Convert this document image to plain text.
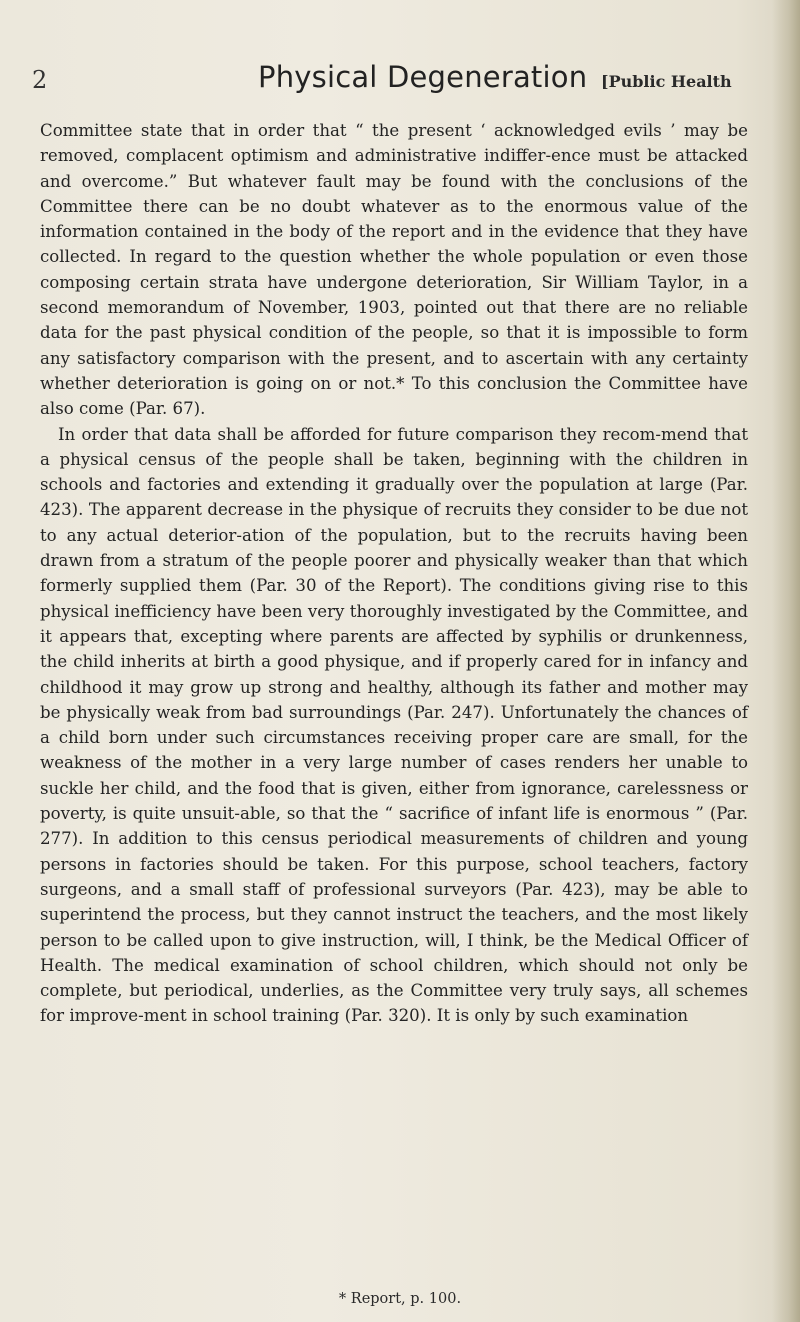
2	Physical Degeneration [Public Health

Committee state that in order that “ the present ‘ acknowledged evils ’ may be removed, complacent optimism and administrative indiffer-ence must be attacked and overcome.” But whatever fault may be found with the conclusions of the Committee there can be no doubt whatever as to the enormous value of the information contained in the body of the report and in the evidence that they have collected. In regard to the question whether the whole population or even those composing certain strata have undergone deterioration, Sir William Taylor, in a second memorandum of November, 1903, pointed out that there are no reliable data for the past physical condition of the people, so that it is impossible to form any satisfactory comparison with the present, and to ascertain with any certainty whether deterioration is going on or not.* To this conclusion the Committee have also come (Par. 67).

In order that data shall be afforded for future comparison they recom-mend that a physical census of the people shall be taken, beginning with the children in schools and factories and extending it gradually over the population at large (Par. 423). The apparent decrease in the physique of recruits they consider to be due not to any actual deterior-ation of the population, but to the recruits having been drawn from a stratum of the people poorer and physically weaker than that which formerly supplied them (Par. 30 of the Report). The conditions giving rise to this physical inefficiency have been very thoroughly investigated by the Committee, and it appears that, excepting where parents are affected by syphilis or drunkenness, the child inherits at birth a good physique, and if properly cared for in infancy and childhood it may grow up strong and healthy, although its father and mother may be physically weak from bad surroundings (Par. 247). Unfortunately the chances of a child born under such circumstances receiving proper care are small, for the weakness of the mother in a very large number of cases renders her unable to suckle her child, and the food that is given, either from ignorance, carelessness or poverty, is quite unsuit-able, so that the “ sacrifice of infant life is enormous ” (Par. 277). In addition to this census periodical measurements of children and young persons in factories should be taken. For this purpose, school teachers, factory surgeons, and a small staff of professional surveyors (Par. 423), may be able to superintend the process, but they cannot instruct the teachers, and the most likely person to be called upon to give instruction, will, I think, be the Medical Officer of Health. The medical examination of school children, which should not only be complete, but periodical, underlies, as the Committee very truly says, all schemes for improve-ment in school training (Par. 320). It is only by such examination

* Report, p. 100.
